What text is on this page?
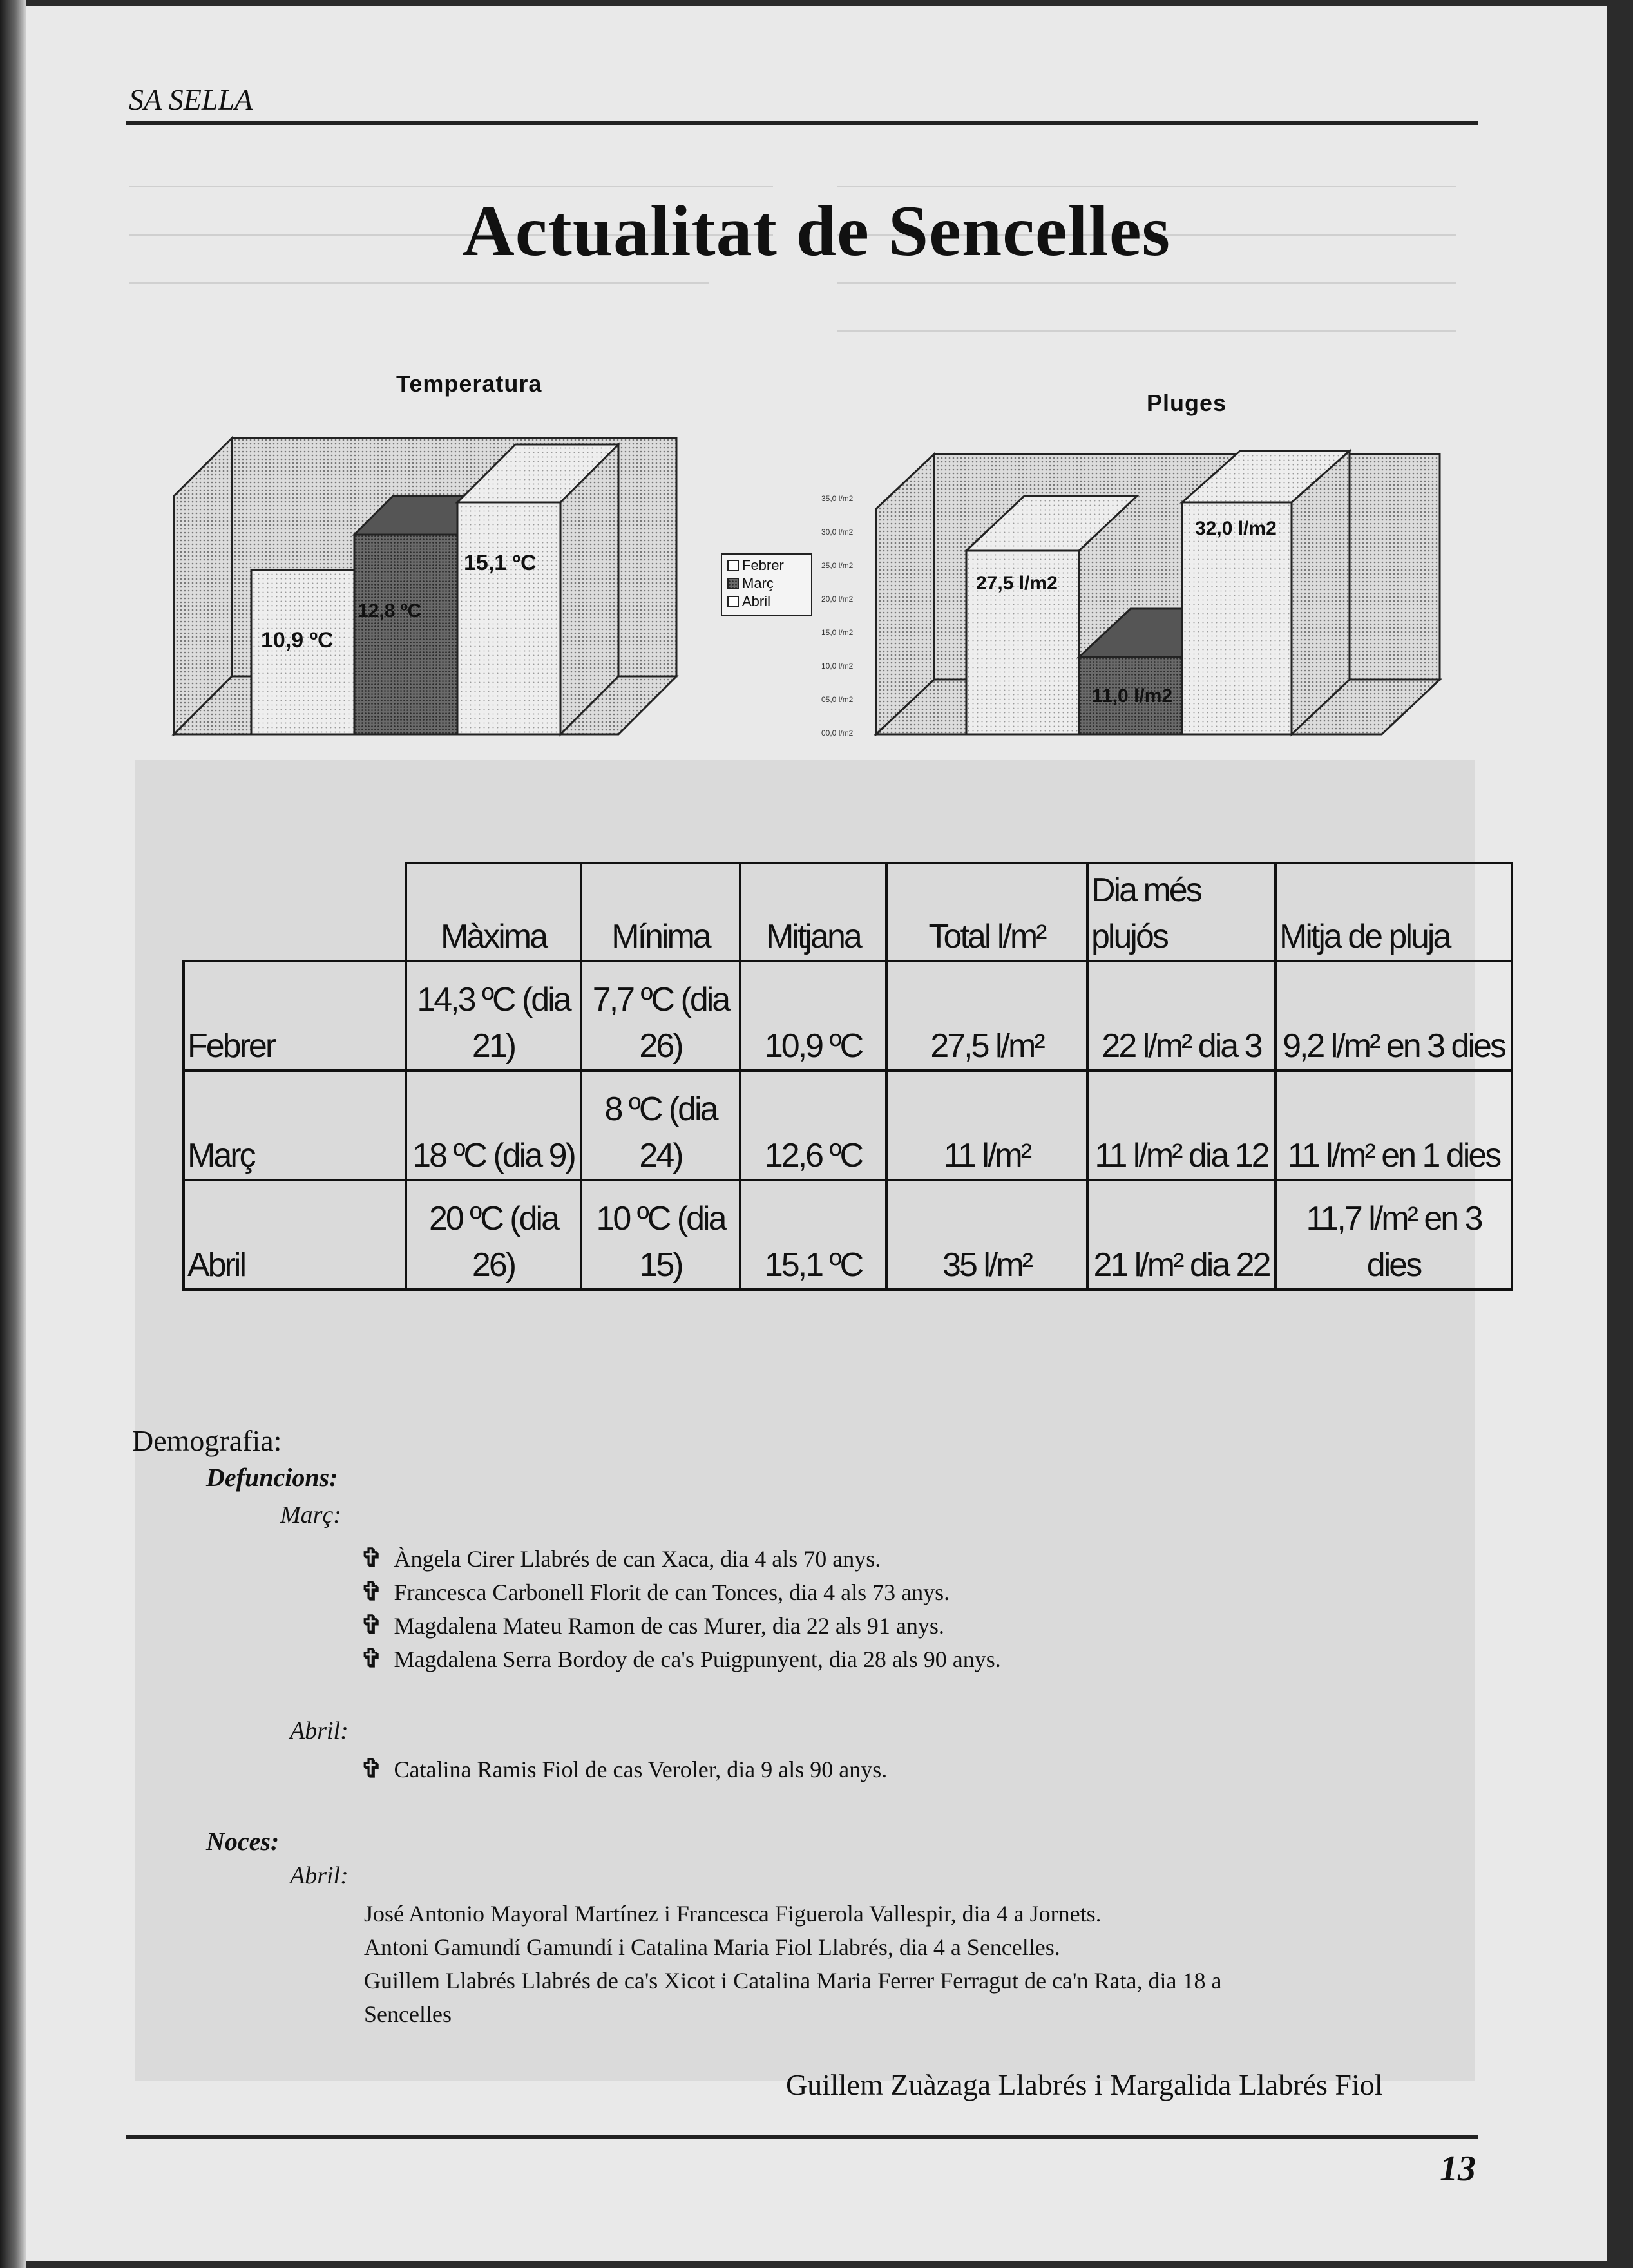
SA SELLA
Actualitat de Sencelles
Temperatura
10,9 ºC
12,8 ºC
15,1 ºC	Febrer
Març
Abril
Pluges
35,0 l/m2
30,0 l/m2
25,0 l/m2
20,0 l/m2
15,0 l/m2
10,0 l/m2
05,0 l/m2
00,0 l/m2
27,5 l/m2
11,0 l/m2
32,0 l/m2
	Màxima	Mínima	Mitjana	Total l/m²	Dia més plujós	Mitja de pluja
Febrer	14,3 ºC (dia 21)	7,7 ºC (dia 26)	10,9 ºC	27,5 l/m²	22 l/m² dia 3	9,2 l/m² en 3 dies
Març	18 ºC (dia 9)	8 ºC (dia 24)	12,6 ºC	11 l/m²	11 l/m² dia 12	11 l/m² en 1 dies
Abril	20 ºC (dia 26)	10 ºC (dia 15)	15,1 ºC	35 l/m²	21 l/m² dia 22	11,7 l/m² en 3 dies
Demografia:
Defuncions:
Març:
✞ Àngela Cirer Llabrés de can Xaca, dia 4 als 70 anys.
✞ Francesca Carbonell Florit de can Tonces, dia 4 als 73 anys.
✞ Magdalena Mateu Ramon de cas Murer, dia 22 als 91 anys.
✞ Magdalena Serra Bordoy de ca's Puigpunyent, dia 28 als 90 anys.
Abril:
✞ Catalina Ramis Fiol de cas Veroler, dia 9 als 90 anys.
Noces:
Abril:
José Antonio Mayoral Martínez i Francesca Figuerola Vallespir, dia 4 a Jornets.
Antoni Gamundí Gamundí i Catalina Maria Fiol Llabrés, dia 4 a Sencelles.
Guillem Llabrés Llabrés de ca's Xicot i Catalina Maria Ferrer Ferragut de ca'n Rata, dia 18 a
Sencelles
Guillem Zuàzaga Llabrés i Margalida Llabrés Fiol
13
